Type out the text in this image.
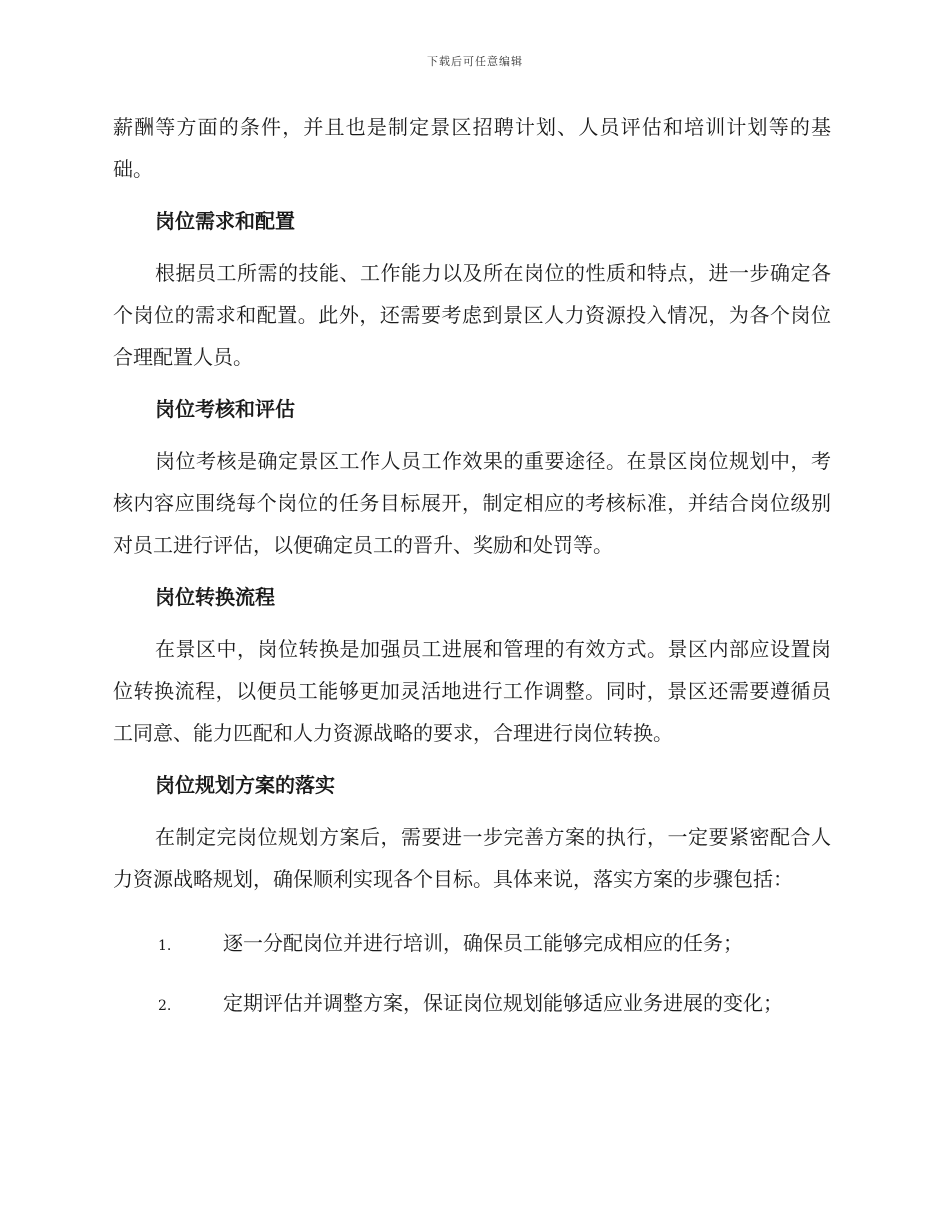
下载后可任意编辑

薪酬等方面的条件，并且也是制定景区招聘计划、人员评估和培训计划等的基础。

岗位需求和配置

根据员工所需的技能、工作能力以及所在岗位的性质和特点，进一步确定各个岗位的需求和配置。此外，还需要考虑到景区人力资源投入情况，为各个岗位合理配置人员。

岗位考核和评估

岗位考核是确定景区工作人员工作效果的重要途径。在景区岗位规划中，考核内容应围绕每个岗位的任务目标展开，制定相应的考核标准，并结合岗位级别对员工进行评估，以便确定员工的晋升、奖励和处罚等。

岗位转换流程

在景区中，岗位转换是加强员工进展和管理的有效方式。景区内部应设置岗位转换流程，以便员工能够更加灵活地进行工作调整。同时，景区还需要遵循员工同意、能力匹配和人力资源战略的要求，合理进行岗位转换。

岗位规划方案的落实

在制定完岗位规划方案后，需要进一步完善方案的执行，一定要紧密配合人力资源战略规划，确保顺利实现各个目标。具体来说，落实方案的步骤包括：

1.	逐一分配岗位并进行培训，确保员工能够完成相应的任务；
2.	定期评估并调整方案，保证岗位规划能够适应业务进展的变化；
